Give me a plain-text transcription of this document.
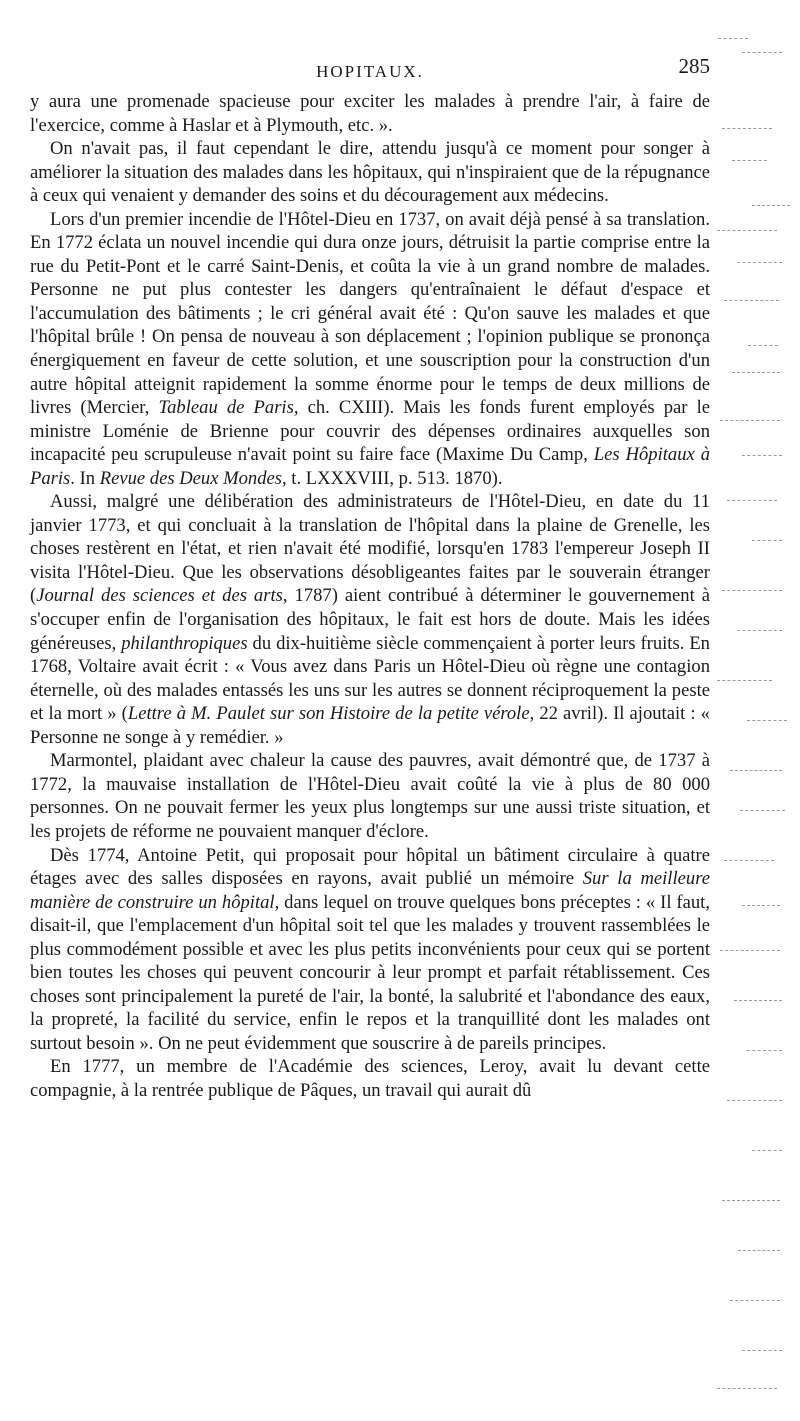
HOPITAUX.	285

y aura une promenade spacieuse pour exciter les malades à prendre l'air, à faire de l'exercice, comme à Haslar et à Plymouth, etc. ».

On n'avait pas, il faut cependant le dire, attendu jusqu'à ce moment pour songer à améliorer la situation des malades dans les hôpitaux, qui n'inspiraient que de la répugnance à ceux qui venaient y demander des soins et du découragement aux médecins.

Lors d'un premier incendie de l'Hôtel-Dieu en 1737, on avait déjà pensé à sa translation. En 1772 éclata un nouvel incendie qui dura onze jours, détruisit la partie comprise entre la rue du Petit-Pont et le carré Saint-Denis, et coûta la vie à un grand nombre de malades. Personne ne put plus contester les dangers qu'entraînaient le défaut d'espace et l'accumulation des bâtiments ; le cri général avait été : Qu'on sauve les malades et que l'hôpital brûle ! On pensa de nouveau à son déplacement ; l'opinion publique se prononça énergiquement en faveur de cette solution, et une souscription pour la construction d'un autre hôpital atteignit rapidement la somme énorme pour le temps de deux millions de livres (Mercier, Tableau de Paris, ch. CXIII). Mais les fonds furent employés par le ministre Loménie de Brienne pour couvrir des dépenses ordinaires auxquelles son incapacité peu scrupuleuse n'avait point su faire face (Maxime Du Camp, Les Hôpitaux à Paris. In Revue des Deux Mondes, t. LXXXVIII, p. 513. 1870).

Aussi, malgré une délibération des administrateurs de l'Hôtel-Dieu, en date du 11 janvier 1773, et qui concluait à la translation de l'hôpital dans la plaine de Grenelle, les choses restèrent en l'état, et rien n'avait été modifié, lorsqu'en 1783 l'empereur Joseph II visita l'Hôtel-Dieu. Que les observations désobligeantes faites par le souverain étranger (Journal des sciences et des arts, 1787) aient contribué à déterminer le gouvernement à s'occuper enfin de l'organisation des hôpitaux, le fait est hors de doute. Mais les idées généreuses, philanthropiques du dix-huitième siècle commençaient à porter leurs fruits. En 1768, Voltaire avait écrit : « Vous avez dans Paris un Hôtel-Dieu où règne une contagion éternelle, où des malades entassés les uns sur les autres se donnent réciproquement la peste et la mort » (Lettre à M. Paulet sur son Histoire de la petite vérole, 22 avril). Il ajoutait : « Personne ne songe à y remédier. »

Marmontel, plaidant avec chaleur la cause des pauvres, avait démontré que, de 1737 à 1772, la mauvaise installation de l'Hôtel-Dieu avait coûté la vie à plus de 80 000 personnes. On ne pouvait fermer les yeux plus longtemps sur une aussi triste situation, et les projets de réforme ne pouvaient manquer d'éclore.

Dès 1774, Antoine Petit, qui proposait pour hôpital un bâtiment circulaire à quatre étages avec des salles disposées en rayons, avait publié un mémoire Sur la meilleure manière de construire un hôpital, dans lequel on trouve quelques bons préceptes : « Il faut, disait-il, que l'emplacement d'un hôpital soit tel que les malades y trouvent rassemblées le plus commodément possible et avec les plus petits inconvénients pour ceux qui se portent bien toutes les choses qui peuvent concourir à leur prompt et parfait rétablissement. Ces choses sont principalement la pureté de l'air, la bonté, la salubrité et l'abondance des eaux, la propreté, la facilité du service, enfin le repos et la tranquillité dont les malades ont surtout besoin ». On ne peut évidemment que souscrire à de pareils principes.

En 1777, un membre de l'Académie des sciences, Leroy, avait lu devant cette compagnie, à la rentrée publique de Pâques, un travail qui aurait dû
